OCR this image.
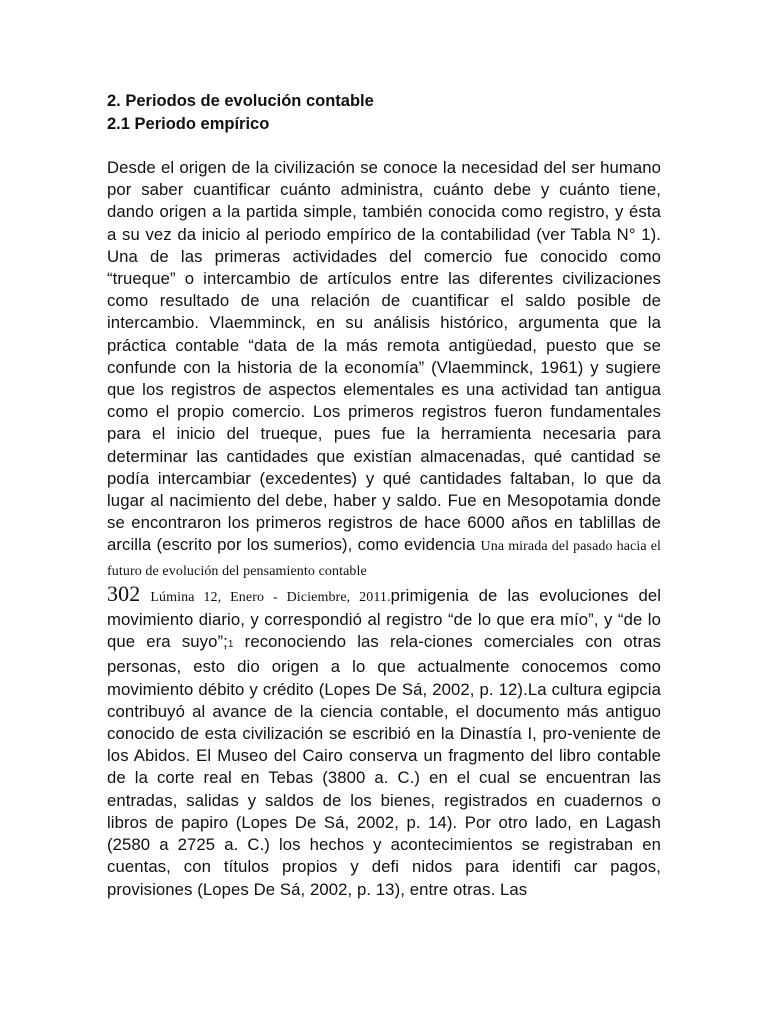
2. Periodos de evolución contable

2.1 Periodo empírico

Desde el origen de la civilización se conoce la necesidad del ser humano por saber cuantificar cuánto administra, cuánto debe y cuánto tiene, dando origen a la partida simple, también conocida como registro, y ésta a su vez da inicio al periodo empírico de la contabilidad (ver Tabla N° 1). Una de las primeras actividades del comercio fue conocido como “trueque” o intercambio de artículos entre las diferentes civilizaciones como resultado de una relación de cuantificar el saldo posible de intercambio. Vlaemminck, en su análisis histórico, argumenta que la práctica contable “data de la más remota antigüedad, puesto que se confunde con la historia de la economía” (Vlaemminck, 1961) y sugiere que los registros de aspectos elementales es una actividad tan antigua como el propio comercio. Los primeros registros fueron fundamentales para el inicio del trueque, pues fue la herramienta necesaria para determinar las cantidades que existían almacenadas, qué cantidad se podía intercambiar (excedentes) y qué cantidades faltaban, lo que da lugar al nacimiento del debe, haber y saldo. Fue en Mesopotamia donde se encontraron los primeros registros de hace 6000 años en tablillas de arcilla (escrito por los sumerios), como evidencia Una mirada del pasado hacia el futuro de evolución del pensamiento contable
302 Lúmina 12, Enero - Diciembre, 2011.primigenia de las evoluciones del movimiento diario, y correspondió al registro “de lo que era mío”, y “de lo que era suyo”;1 reconociendo las rela-ciones comerciales con otras personas, esto dio origen a lo que actualmente conocemos como movimiento débito y crédito (Lopes De Sá, 2002, p. 12).La cultura egipcia contribuyó al avance de la ciencia contable, el documento más antiguo conocido de esta civilización se escribió en la Dinastía I, pro-veniente de los Abidos. El Museo del Cairo conserva un fragmento del libro contable de la corte real en Tebas (3800 a. C.) en el cual se encuentran las entradas, salidas y saldos de los bienes, registrados en cuadernos o libros de papiro (Lopes De Sá, 2002, p. 14). Por otro lado, en Lagash (2580 a 2725 a. C.) los hechos y acontecimientos se registraban en cuentas, con títulos propios y defi nidos para identifi car pagos, provisiones (Lopes De Sá, 2002, p. 13), entre otras. Las
